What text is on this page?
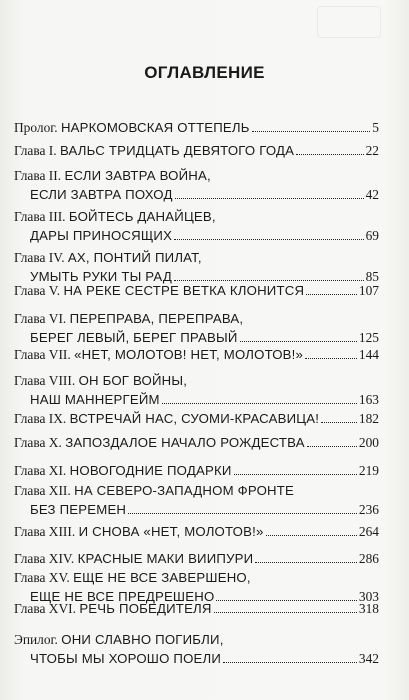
ОГЛАВЛЕНИЕ
Пролог.
НАРКОМОВСКАЯ ОТТЕПЕЛЬ	5
Глава I.
ВАЛЬС ТРИДЦАТЬ ДЕВЯТОГО ГОДА	22
Глава II.
ЕСЛИ ЗАВТРА ВОЙНА,
ЕСЛИ ЗАВТРА ПОХОД	42
Глава III.
БОЙТЕСЬ ДАНАЙЦЕВ,
ДАРЫ ПРИНОСЯЩИХ	69
Глава IV.
АХ, ПОНТИЙ ПИЛАТ,
УМЫТЬ РУКИ ТЫ РАД	85
Глава V.
НА РЕКЕ СЕСТРЕ ВЕТКА КЛОНИТСЯ	107
Глава VI.
ПЕРЕПРАВА, ПЕРЕПРАВА,
БЕРЕГ ЛЕВЫЙ, БЕРЕГ ПРАВЫЙ	125
Глава VII.
«НЕТ, МОЛОТОВ! НЕТ, МОЛОТОВ!»	144
Глава VIII.
ОН БОГ ВОЙНЫ,
НАШ МАННЕРГЕЙМ	163
Глава IX.
ВСТРЕЧАЙ НАС, СУОМИ-КРАСАВИЦА!	182
Глава X.
ЗАПОЗДАЛОЕ НАЧАЛО РОЖДЕСТВА	200
Глава XI.
НОВОГОДНИЕ ПОДАРКИ	219
Глава XII.
НА СЕВЕРО-ЗАПАДНОМ ФРОНТЕ
БЕЗ ПЕРЕМЕН	236
Глава XIII.
И СНОВА «НЕТ, МОЛОТОВ!»	264
Глава XIV.
КРАСНЫЕ МАКИ ВИИПУРИ	286
Глава XV.
ЕЩЕ НЕ ВСЕ ЗАВЕРШЕНО,
ЕЩЕ НЕ ВСЕ ПРЕДРЕШЕНО	303
Глава XVI.
РЕЧЬ ПОБЕДИТЕЛЯ	318
Эпилог.
ОНИ СЛАВНО ПОГИБЛИ,
ЧТОБЫ МЫ ХОРОШО ПОЕЛИ	342
